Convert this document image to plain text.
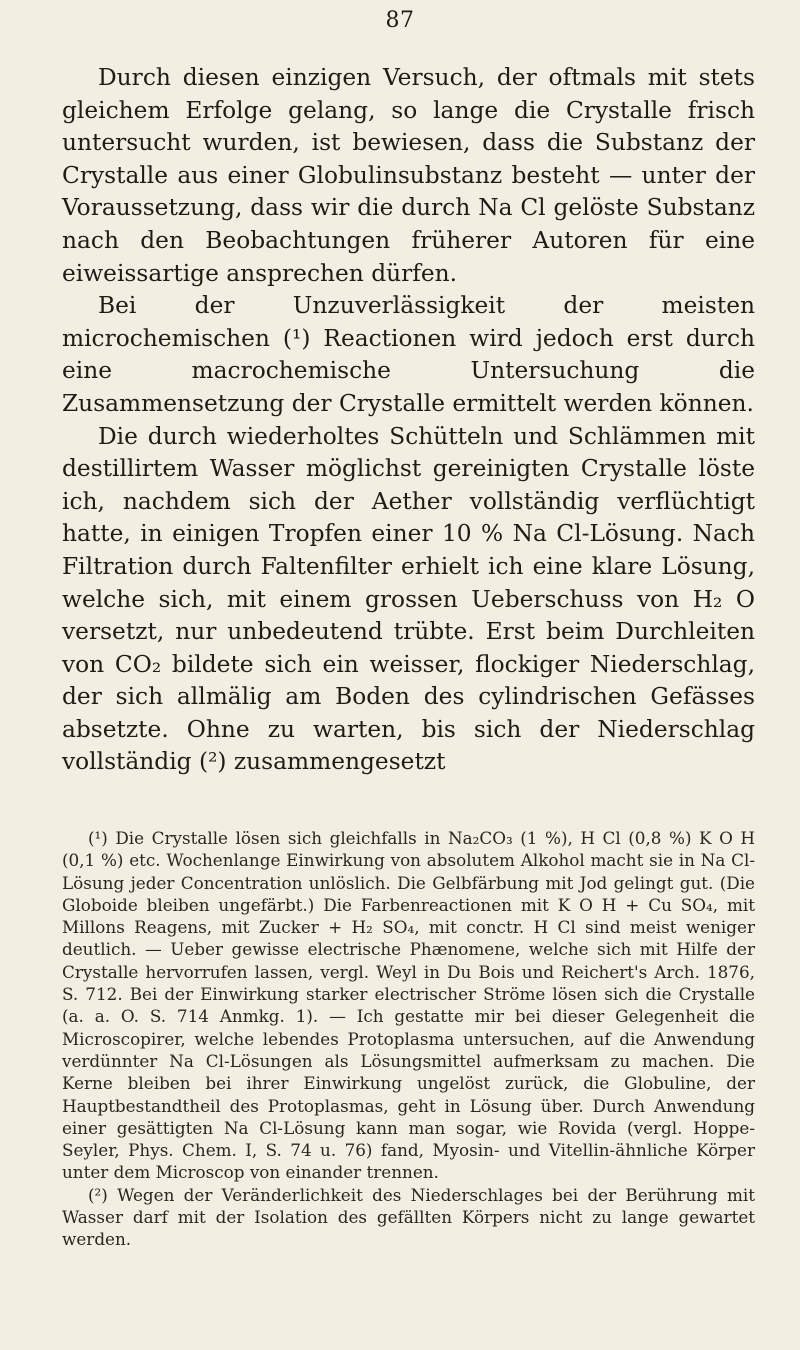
87

Durch diesen einzigen Versuch, der oftmals mit stets gleichem Erfolge gelang, so lange die Crystalle frisch untersucht wurden, ist bewiesen, dass die Substanz der Crystalle aus einer Globulinsubstanz besteht — unter der Voraussetzung, dass wir die durch Na Cl gelöste Substanz nach den Beobachtungen früherer Autoren für eine eiweissartige ansprechen dürfen.

Bei der Unzuverlässigkeit der meisten microchemischen (¹) Reactionen wird jedoch erst durch eine macrochemische Untersuchung die Zusammensetzung der Crystalle ermittelt werden können.

Die durch wiederholtes Schütteln und Schlämmen mit destillirtem Wasser möglichst gereinigten Crystalle löste ich, nachdem sich der Aether vollständig verflüchtigt hatte, in einigen Tropfen einer 10 % Na Cl-Lösung. Nach Filtration durch Faltenfilter erhielt ich eine klare Lösung, welche sich, mit einem grossen Ueberschuss von H₂ O versetzt, nur unbedeutend trübte. Erst beim Durchleiten von CO₂ bildete sich ein weisser, flockiger Niederschlag, der sich allmälig am Boden des cylindrischen Gefässes absetzte. Ohne zu warten, bis sich der Niederschlag vollständig (²) zusammengesetzt

(¹) Die Crystalle lösen sich gleichfalls in Na₂CO₃ (1 %), H Cl (0,8 %) K O H (0,1 %) etc. Wochenlange Einwirkung von absolutem Alkohol macht sie in Na Cl-Lösung jeder Concentration unlöslich. Die Gelbfärbung mit Jod gelingt gut. (Die Globoide bleiben ungefärbt.) Die Farbenreactionen mit K O H + Cu SO₄, mit Millons Reagens, mit Zucker + H₂ SO₄, mit conctr. H Cl sind meist weniger deutlich. — Ueber gewisse electrische Phænomene, welche sich mit Hilfe der Crystalle hervorrufen lassen, vergl. Weyl in Du Bois und Reichert's Arch. 1876, S. 712. Bei der Einwirkung starker electrischer Ströme lösen sich die Crystalle (a. a. O. S. 714 Anmkg. 1). — Ich gestatte mir bei dieser Gelegenheit die Microscopirer, welche lebendes Protoplasma untersuchen, auf die Anwendung verdünnter Na Cl-Lösungen als Lösungsmittel aufmerksam zu machen. Die Kerne bleiben bei ihrer Einwirkung ungelöst zurück, die Globuline, der Hauptbestandtheil des Protoplasmas, geht in Lösung über. Durch Anwendung einer gesättigten Na Cl-Lösung kann man sogar, wie Rovida (vergl. Hoppe-Seyler, Phys. Chem. I, S. 74 u. 76) fand, Myosin- und Vitellin-ähnliche Körper unter dem Microscop von einander trennen.

(²) Wegen der Veränderlichkeit des Niederschlages bei der Berührung mit Wasser darf mit der Isolation des gefällten Körpers nicht zu lange gewartet werden.
